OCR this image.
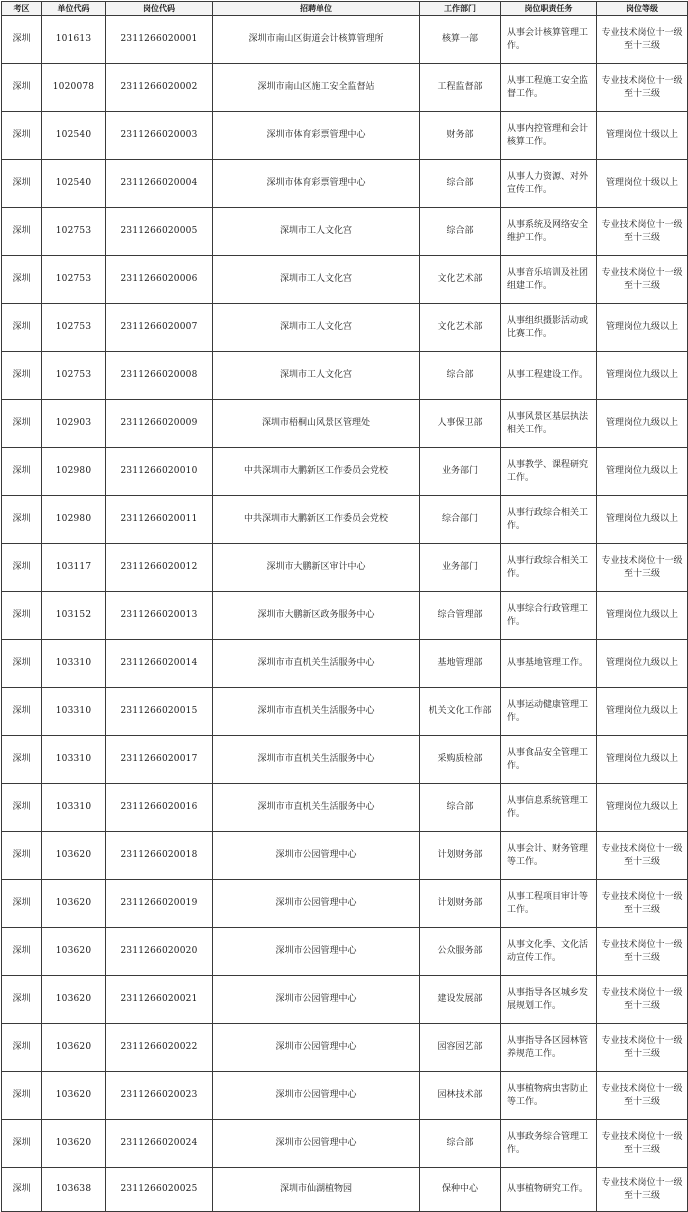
考区	单位代码	岗位代码	招聘单位	工作部门	岗位职责任务	岗位等级
深圳	101613	2311266020001	深圳市南山区街道会计核算管理所	核算一部	从事会计核算管理工作。	专业技术岗位十一级至十三级
深圳	1020078	2311266020002	深圳市南山区施工安全监督站	工程监督部	从事工程施工安全监督工作。	专业技术岗位十一级至十三级
深圳	102540	2311266020003	深圳市体育彩票管理中心	财务部	从事内控管理和会计核算工作。	管理岗位十级以上
深圳	102540	2311266020004	深圳市体育彩票管理中心	综合部	从事人力资源、对外宣传工作。	管理岗位十级以上
深圳	102753	2311266020005	深圳市工人文化宫	综合部	从事系统及网络安全维护工作。	专业技术岗位十一级至十三级
深圳	102753	2311266020006	深圳市工人文化宫	文化艺术部	从事音乐培训及社团组建工作。	专业技术岗位十一级至十三级
深圳	102753	2311266020007	深圳市工人文化宫	文化艺术部	从事组织摄影活动或比赛工作。	管理岗位九级以上
深圳	102753	2311266020008	深圳市工人文化宫	综合部	从事工程建设工作。	管理岗位九级以上
深圳	102903	2311266020009	深圳市梧桐山风景区管理处	人事保卫部	从事风景区基层执法相关工作。	管理岗位九级以上
深圳	102980	2311266020010	中共深圳市大鹏新区工作委员会党校	业务部门	从事教学、课程研究工作。	管理岗位九级以上
深圳	102980	2311266020011	中共深圳市大鹏新区工作委员会党校	综合部门	从事行政综合相关工作。	管理岗位九级以上
深圳	103117	2311266020012	深圳市大鹏新区审计中心	业务部门	从事行政综合相关工作。	专业技术岗位十一级至十三级
深圳	103152	2311266020013	深圳市大鹏新区政务服务中心	综合管理部	从事综合行政管理工作。	管理岗位九级以上
深圳	103310	2311266020014	深圳市市直机关生活服务中心	基地管理部	从事基地管理工作。	管理岗位九级以上
深圳	103310	2311266020015	深圳市市直机关生活服务中心	机关文化工作部	从事运动健康管理工作。	管理岗位九级以上
深圳	103310	2311266020017	深圳市市直机关生活服务中心	采购质检部	从事食品安全管理工作。	管理岗位九级以上
深圳	103310	2311266020016	深圳市市直机关生活服务中心	综合部	从事信息系统管理工作。	管理岗位九级以上
深圳	103620	2311266020018	深圳市公园管理中心	计划财务部	从事会计、财务管理等工作。	专业技术岗位十一级至十三级
深圳	103620	2311266020019	深圳市公园管理中心	计划财务部	从事工程项目审计等工作。	专业技术岗位十一级至十三级
深圳	103620	2311266020020	深圳市公园管理中心	公众服务部	从事文化季、文化活动宣传工作。	专业技术岗位十一级至十三级
深圳	103620	2311266020021	深圳市公园管理中心	建设发展部	从事指导各区城乡发展规划工作。	专业技术岗位十一级至十三级
深圳	103620	2311266020022	深圳市公园管理中心	园容园艺部	从事指导各区园林管养规范工作。	专业技术岗位十一级至十三级
深圳	103620	2311266020023	深圳市公园管理中心	园林技术部	从事植物病虫害防止等工作。	专业技术岗位十一级至十三级
深圳	103620	2311266020024	深圳市公园管理中心	综合部	从事政务综合管理工作。	专业技术岗位十一级至十三级
深圳	103638	2311266020025	深圳市仙湖植物园	保种中心	从事植物研究工作。	专业技术岗位十一级至十三级
